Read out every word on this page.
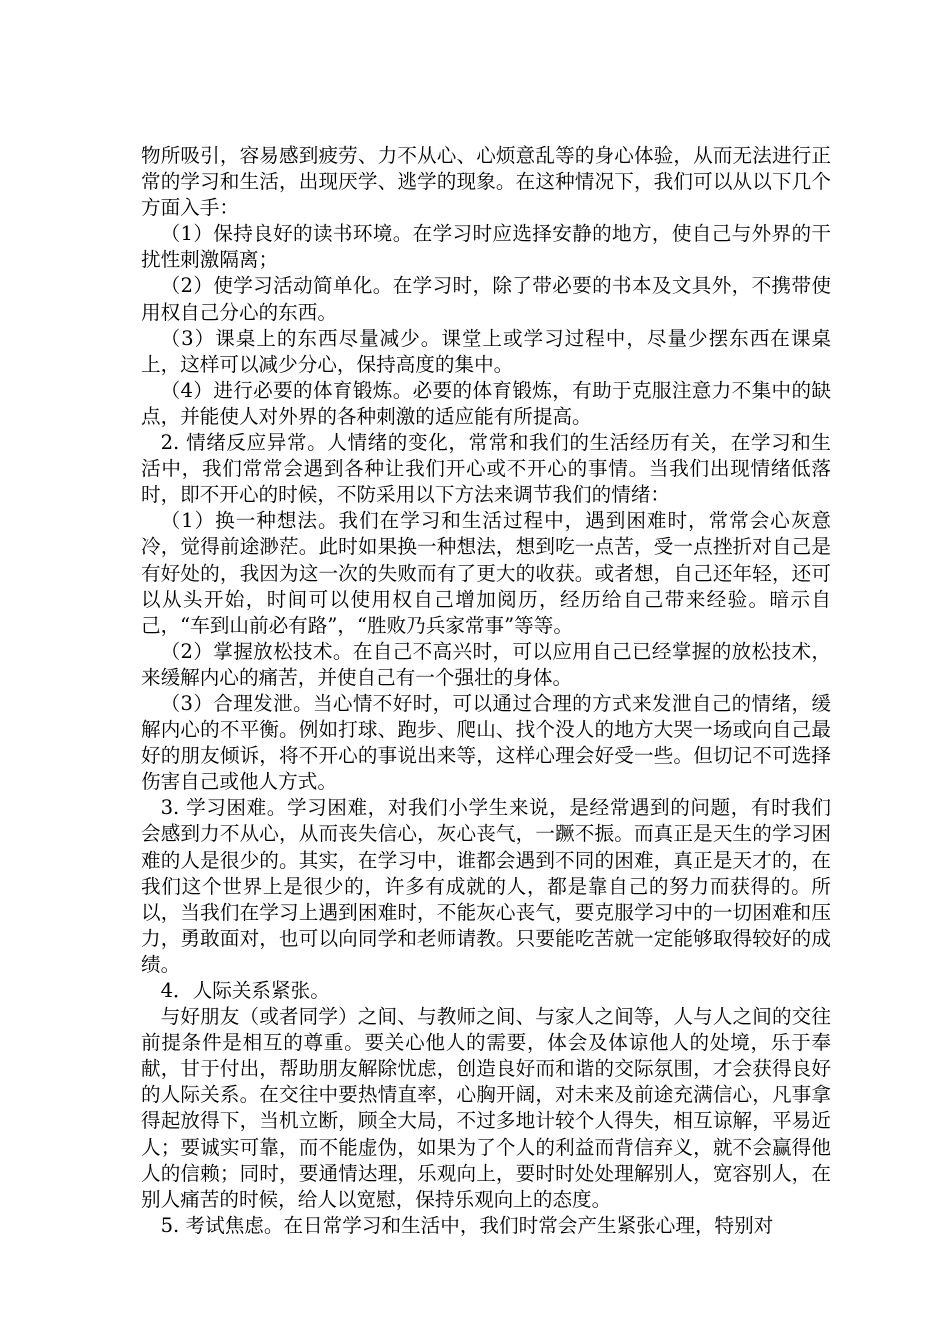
物所吸引，容易感到疲劳、力不从心、心烦意乱等的身心体验，从而无法进行正常的学习和生活，出现厌学、逃学的现象。在这种情况下，我们可以从以下几个方面入手：

（1）保持良好的读书环境。在学习时应选择安静的地方，使自己与外界的干扰性刺激隔离；

（2）使学习活动简单化。在学习时，除了带必要的书本及文具外，不携带使用权自己分心的东西。

（3）课桌上的东西尽量减少。课堂上或学习过程中，尽量少摆东西在课桌上，这样可以减少分心，保持高度的集中。

（4）进行必要的体育锻炼。必要的体育锻炼，有助于克服注意力不集中的缺点，并能使人对外界的各种刺激的适应能有所提高。

2. 情绪反应异常。人情绪的变化，常常和我们的生活经历有关，在学习和生活中，我们常常会遇到各种让我们开心或不开心的事情。当我们出现情绪低落时，即不开心的时候，不防采用以下方法来调节我们的情绪：

（1）换一种想法。我们在学习和生活过程中，遇到困难时，常常会心灰意冷，觉得前途渺茫。此时如果换一种想法，想到吃一点苦，受一点挫折对自己是有好处的，我因为这一次的失败而有了更大的收获。或者想，自己还年轻，还可以从头开始，时间可以使用权自己增加阅历，经历给自己带来经验。暗示自己，“车到山前必有路”，“胜败乃兵家常事”等等。

（2）掌握放松技术。在自己不高兴时，可以应用自己已经掌握的放松技术，来缓解内心的痛苦，并使自己有一个强壮的身体。

（3）合理发泄。当心情不好时，可以通过合理的方式来发泄自己的情绪，缓解内心的不平衡。例如打球、跑步、爬山、找个没人的地方大哭一场或向自己最好的朋友倾诉，将不开心的事说出来等，这样心理会好受一些。但切记不可选择伤害自己或他人方式。

3. 学习困难。学习困难，对我们小学生来说，是经常遇到的问题，有时我们会感到力不从心，从而丧失信心，灰心丧气，一蹶不振。而真正是天生的学习困难的人是很少的。其实，在学习中，谁都会遇到不同的困难，真正是天才的，在我们这个世界上是很少的，许多有成就的人，都是靠自己的努力而获得的。所以，当我们在学习上遇到困难时，不能灰心丧气，要克服学习中的一切困难和压力，勇敢面对，也可以向同学和老师请教。只要能吃苦就一定能够取得较好的成绩。

4．人际关系紧张。

与好朋友（或者同学）之间、与教师之间、与家人之间等，人与人之间的交往前提条件是相互的尊重。要关心他人的需要，体会及体谅他人的处境，乐于奉献，甘于付出，帮助朋友解除忧虑，创造良好而和谐的交际氛围，才会获得良好的人际关系。在交往中要热情直率，心胸开阔，对未来及前途充满信心，凡事拿得起放得下，当机立断，顾全大局，不过多地计较个人得失，相互谅解，平易近人；要诚实可靠，而不能虚伪，如果为了个人的利益而背信弃义，就不会赢得他人的信赖；同时，要通情达理，乐观向上，要时时处处理解别人，宽容别人，在别人痛苦的时候，给人以宽慰，保持乐观向上的态度。

5. 考试焦虑。在日常学习和生活中，我们时常会产生紧张心理，特别对
